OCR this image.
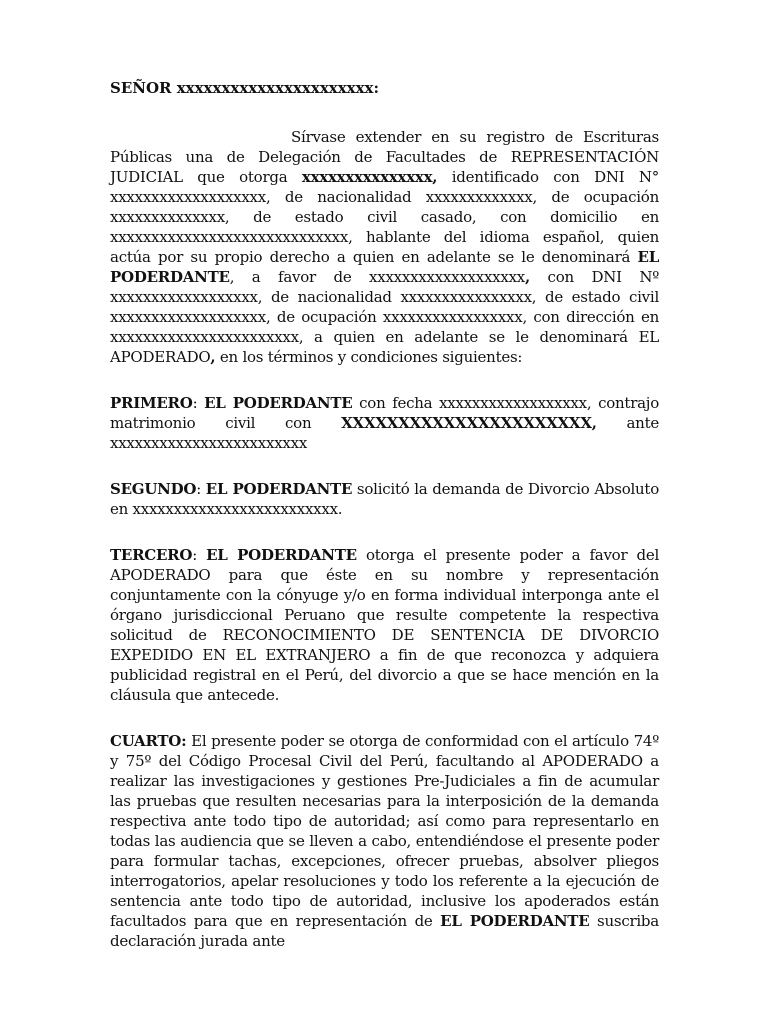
SEÑOR xxxxxxxxxxxxxxxxxxxxxx:

Sírvase extender en su registro de Escrituras Públicas una de Delegación de Facultades de REPRESENTACIÓN JUDICIAL que otorga xxxxxxxxxxxxxxx, identificado con DNI N° xxxxxxxxxxxxxxxxxxx, de nacionalidad xxxxxxxxxxxxx, de ocupación xxxxxxxxxxxxxx, de estado civil casado, con domicilio en xxxxxxxxxxxxxxxxxxxxxxxxxxxxx, hablante del idioma español, quien actúa por su propio derecho a quien en adelante se le denominará EL PODERDANTE, a favor de xxxxxxxxxxxxxxxxxxx, con DNI Nº xxxxxxxxxxxxxxxxxx, de nacionalidad xxxxxxxxxxxxxxxx, de estado civil xxxxxxxxxxxxxxxxxxx, de ocupación xxxxxxxxxxxxxxxxx, con dirección en xxxxxxxxxxxxxxxxxxxxxxx, a quien en adelante se le denominará EL APODERADO, en los términos y condiciones siguientes:

PRIMERO: EL PODERDANTE con fecha xxxxxxxxxxxxxxxxxx, contrajo matrimonio civil con XXXXXXXXXXXXXXXXXXXXXX, ante xxxxxxxxxxxxxxxxxxxxxxxx

SEGUNDO: EL PODERDANTE solicitó la demanda de Divorcio Absoluto en xxxxxxxxxxxxxxxxxxxxxxxxx.

TERCERO: EL PODERDANTE otorga el presente poder a favor del APODERADO para que éste en su nombre y representación conjuntamente con la cónyuge y/o en forma individual interponga ante el órgano jurisdiccional Peruano que resulte competente la respectiva solicitud de RECONOCIMIENTO DE SENTENCIA DE DIVORCIO EXPEDIDO EN EL EXTRANJERO a fin de que reconozca y adquiera publicidad registral en el Perú, del divorcio a que se hace mención en la cláusula que antecede.

CUARTO: El presente poder se otorga de conformidad con el artículo 74º y 75º del Código Procesal Civil del Perú, facultando al APODERADO a realizar las investigaciones y gestiones Pre-Judiciales a fin de acumular las pruebas que resulten necesarias para la interposición de la demanda respectiva ante todo tipo de autoridad; así como para representarlo en todas las audiencia que se lleven a cabo, entendiéndose el presente poder para formular tachas, excepciones, ofrecer pruebas, absolver pliegos interrogatorios, apelar resoluciones y todo los referente a la ejecución de sentencia ante todo tipo de autoridad, inclusive los apoderados están facultados para que en representación de EL PODERDANTE suscriba declaración jurada ante
